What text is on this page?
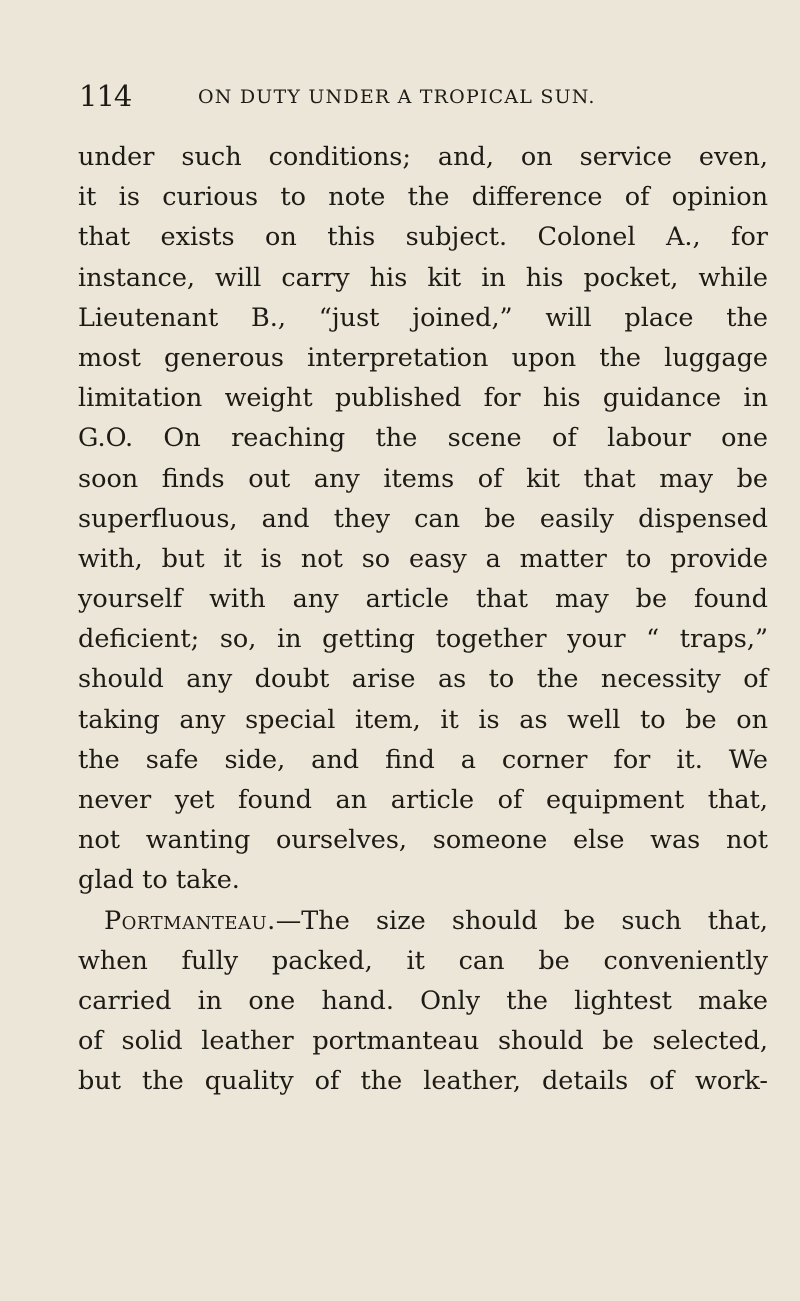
114	ON DUTY UNDER A TROPICAL SUN.
under such conditions; and, on service even,
it is curious to note the difference of opinion
that exists on this subject. Colonel A., for
instance, will carry his kit in his pocket, while
Lieutenant B., “just joined,” will place the
most generous interpretation upon the luggage
limitation weight published for his guidance in
G.O. On reaching the scene of labour one
soon finds out any items of kit that may be
superfluous, and they can be easily dispensed
with, but it is not so easy a matter to provide
yourself with any article that may be found
deficient; so, in getting together your “ traps,”
should any doubt arise as to the necessity of
taking any special item, it is as well to be on
the safe side, and find a corner for it. We
never yet found an article of equipment that,
not wanting ourselves, someone else was not
glad to take.
Portmanteau.—The size should be such that,
when fully packed, it can be conveniently
carried in one hand. Only the lightest make
of solid leather portmanteau should be selected,
but the quality of the leather, details of work-
